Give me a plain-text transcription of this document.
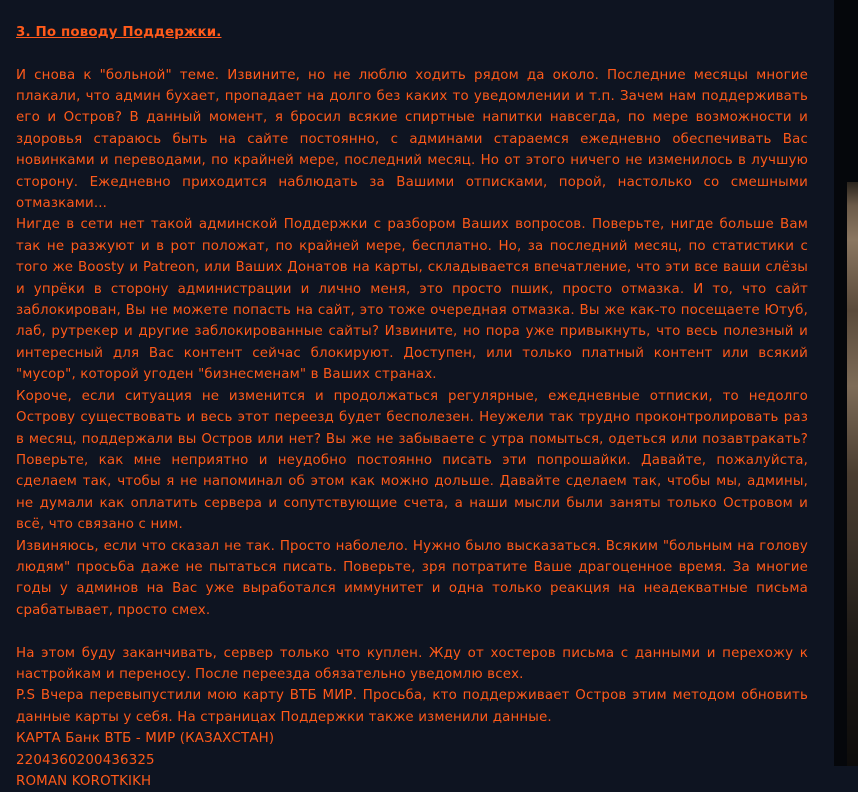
3. По поводу Поддержки.

И снова к "больной" теме. Извините, но не люблю ходить рядом да около. Последние месяцы многие плакали, что админ бухает, пропадает на долго без каких то уведомлении и т.п. Зачем нам поддерживать его и Остров? В данный момент, я бросил всякие спиртные напитки навсегда, по мере возможности и здоровья стараюсь быть на сайте постоянно, с админами стараемся ежедневно обеспечивать Вас новинками и переводами, по крайней мере, последний месяц. Но от этого ничего не изменилось в лучшую сторону. Ежедневно приходится наблюдать за Вашими отписками, порой, настолько со смешными отмазками...

Нигде в сети нет такой админской Поддержки с разбором Ваших вопросов. Поверьте, нигде больше Вам так не разжуют и в рот положат, по крайней мере, бесплатно. Но, за последний месяц, по статистики с того же Boosty и Patreon, или Ваших Донатов на карты, складывается впечатление, что эти все ваши слёзы и упрёки в сторону администрации и лично меня, это просто пшик, просто отмазка. И то, что сайт заблокирован, Вы не можете попасть на сайт, это тоже очередная отмазка. Вы же как-то посещаете Ютуб, лаб, рутрекер и другие заблокированные сайты? Извините, но пора уже привыкнуть, что весь полезный и интересный для Вас контент сейчас блокируют. Доступен, или только платный контент или всякий "мусор", которой угоден "бизнесменам" в Ваших странах.

Короче, если ситуация не изменится и продолжаться регулярные, ежедневные отписки, то недолго Острову существовать и весь этот переезд будет бесполезен. Неужели так трудно проконтролировать раз в месяц, поддержали вы Остров или нет? Вы же не забываете с утра помыться, одеться или позавтракать? Поверьте, как мне неприятно и неудобно постоянно писать эти попрошайки. Давайте, пожалуйста, сделаем так, чтобы я не напоминал об этом как можно дольше. Давайте сделаем так, чтобы мы, админы, не думали как оплатить сервера и сопутствующие счета, а наши мысли были заняты только Островом и всё, что связано с ним.

Извиняюсь, если что сказал не так. Просто наболело. Нужно было высказаться. Всяким "больным на голову людям" просьба даже не пытаться писать. Поверьте, зря потратите Ваше драгоценное время. За многие годы у админов на Вас уже выработался иммунитет и одна только реакция на неадекватные письма срабатывает, просто смех.

На этом буду заканчивать, сервер только что куплен. Жду от хостеров письма с данными и перехожу к настройкам и переносу. После переезда обязательно уведомлю всех.

P.S Вчера перевыпустили мою карту ВТБ МИР. Просьба, кто поддерживает Остров этим методом обновить данные карты у себя. На страницах Поддержки также изменили данные.

КАРТА Банк ВТБ - МИР (КАЗАХСТАН)

2204360200436325

ROMAN KOROTKIKH
